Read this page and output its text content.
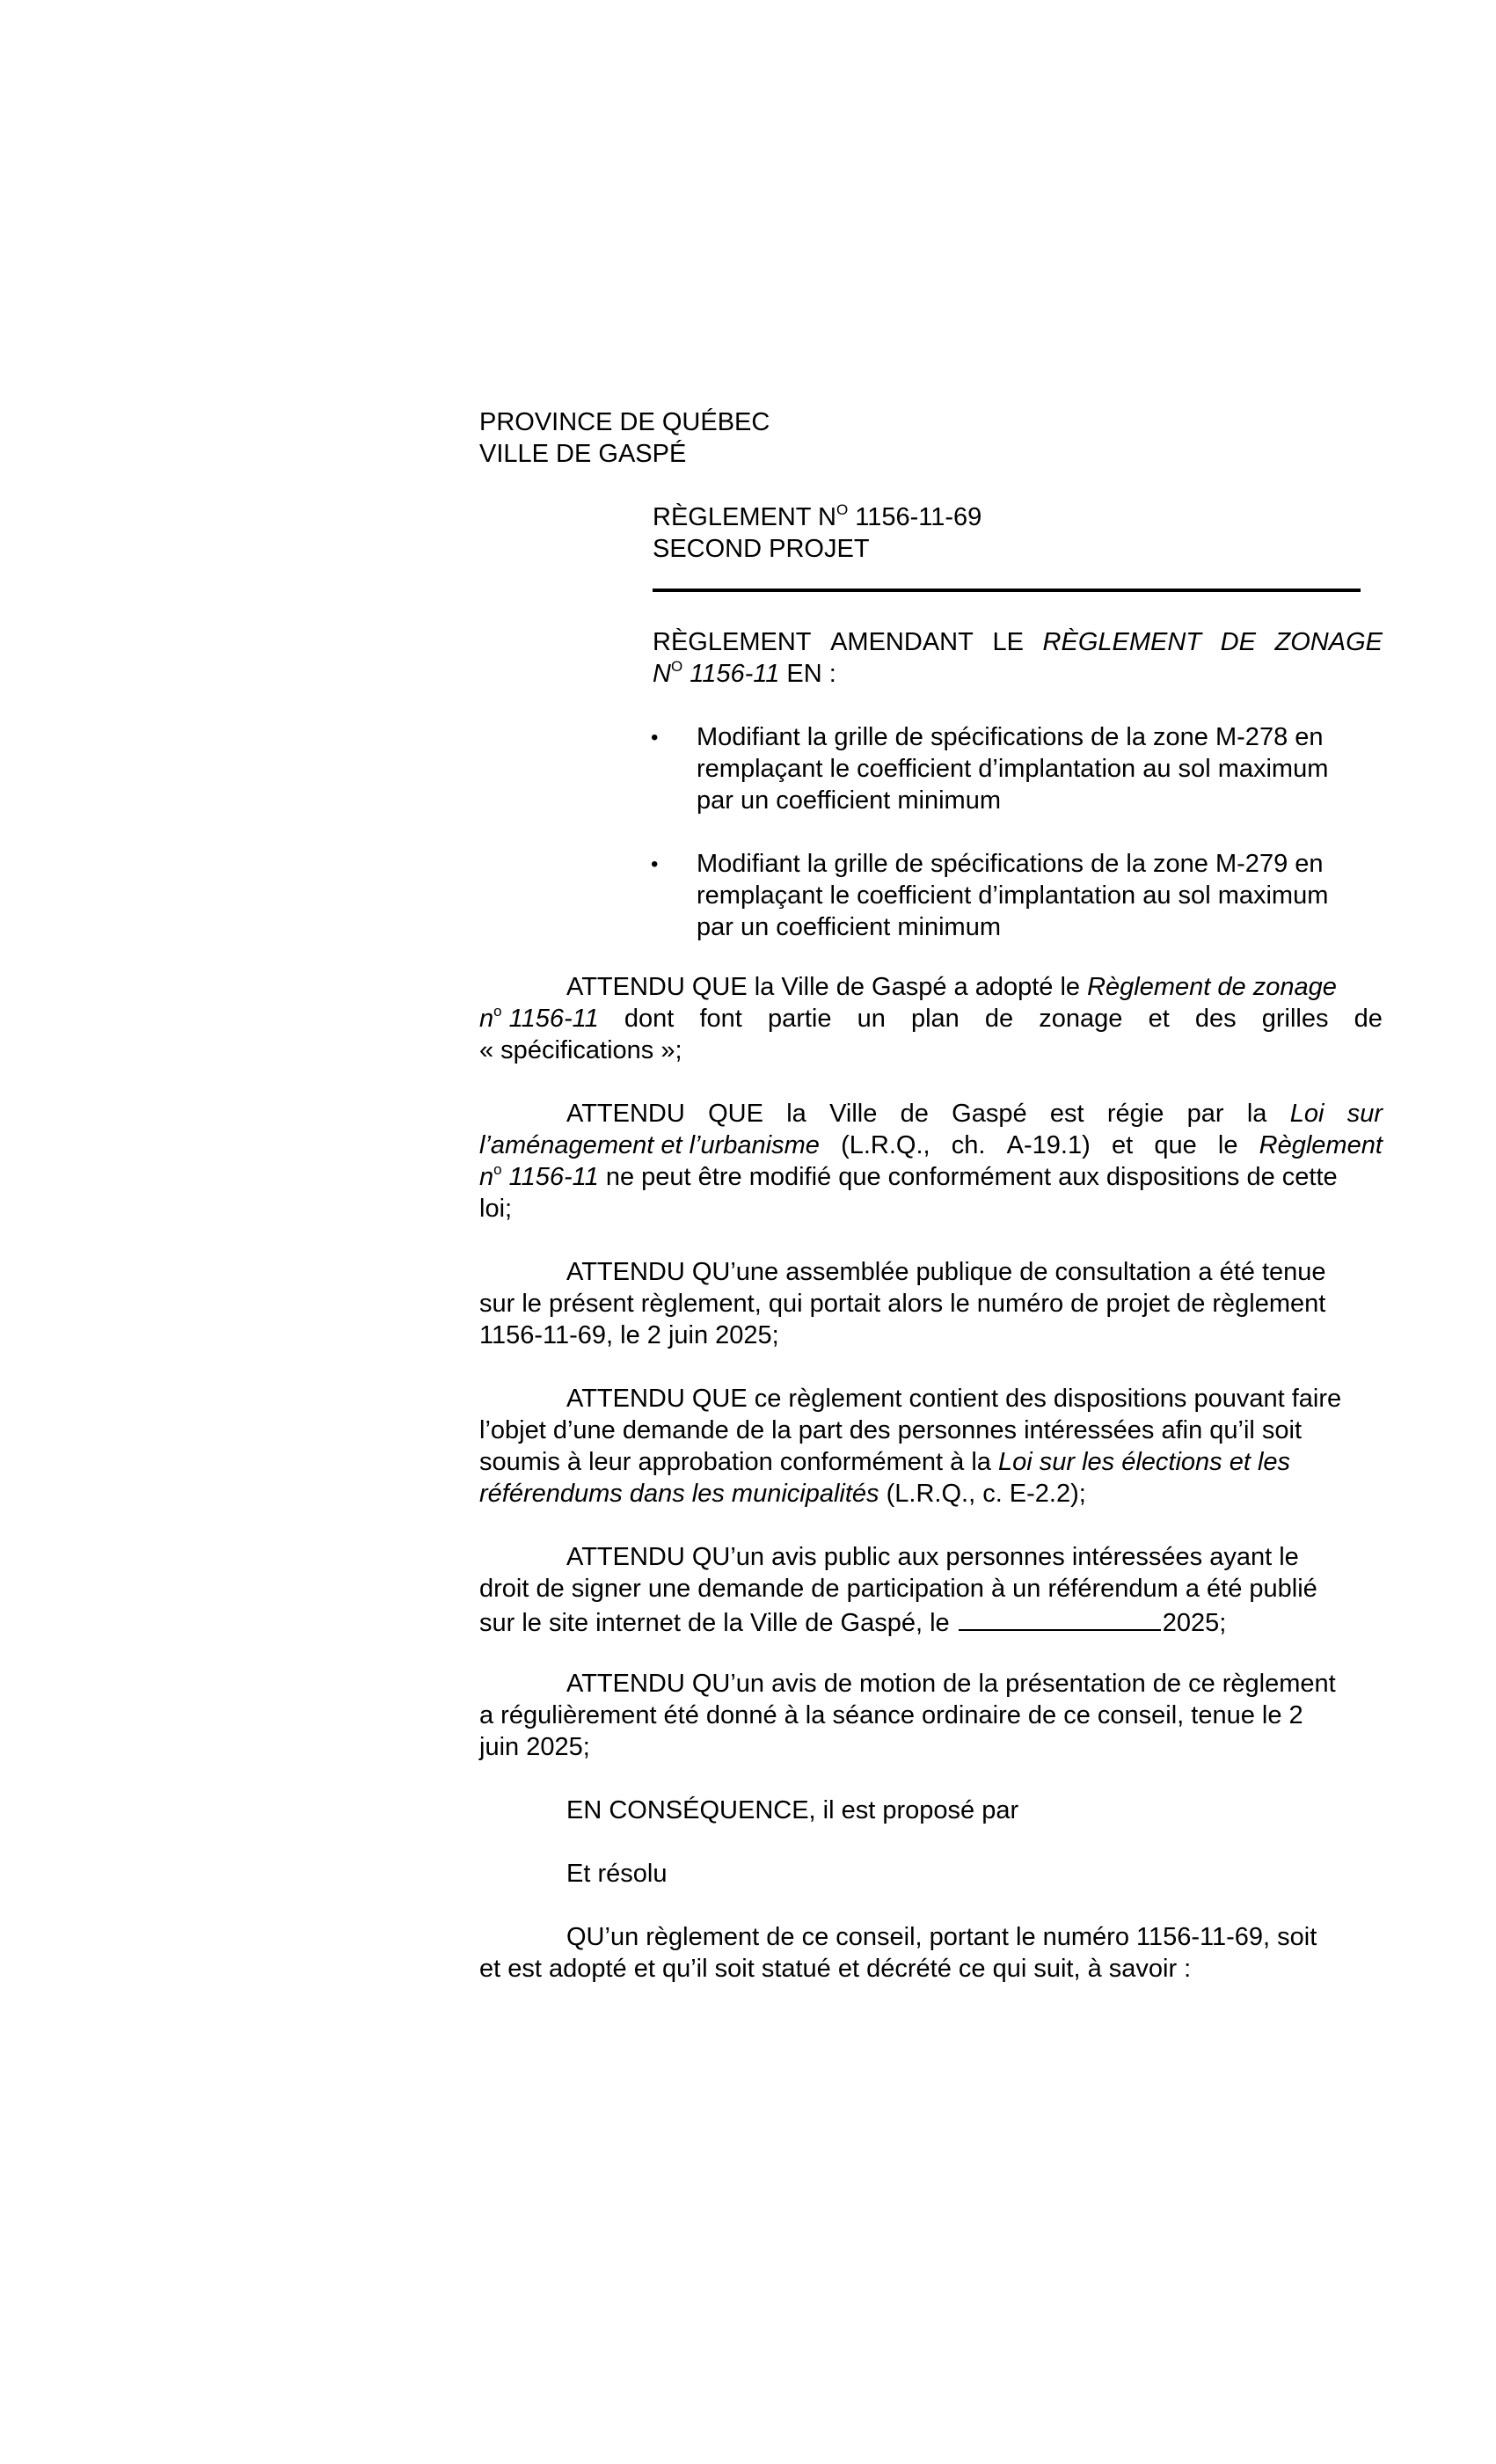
PROVINCE DE QUÉBEC
VILLE DE GASPÉ
RÈGLEMENT $N^O$ 1156-11-69
SECOND PROJET
RÈGLEMENT AMENDANT LE RÈGLEMENT DE ZONAGE
$N^O$ 1156-11 EN :
• Modifiant la grille de spécifications de la zone M-278 en
remplaçant le coefficient d’implantation au sol maximum
par un coefficient minimum
• Modifiant la grille de spécifications de la zone M-279 en
remplaçant le coefficient d’implantation au sol maximum
par un coefficient minimum
ATTENDU QUE la Ville de Gaspé a adopté le Règlement de zonage
$n^o$ 1156-11 dont font partie un plan de zonage et des grilles de
« spécifications »;
ATTENDU QUE la Ville de Gaspé est régie par la Loi sur
l’aménagement et l’urbanisme (L.R.Q., ch. A-19.1) et que le Règlement
$n^o$ 1156-11 ne peut être modifié que conformément aux dispositions de cette
loi;
ATTENDU QU’une assemblée publique de consultation a été tenue
sur le présent règlement, qui portait alors le numéro de projet de règlement
1156-11-69, le 2 juin 2025;
ATTENDU QUE ce règlement contient des dispositions pouvant faire
l’objet d’une demande de la part des personnes intéressées afin qu’il soit
soumis à leur approbation conformément à la Loi sur les élections et les
référendums dans les municipalités (L.R.Q., c. E-2.2);
ATTENDU QU’un avis public aux personnes intéressées ayant le
droit de signer une demande de participation à un référendum a été publié
sur le site internet de la Ville de Gaspé, le	2025;
ATTENDU QU’un avis de motion de la présentation de ce règlement
a régulièrement été donné à la séance ordinaire de ce conseil, tenue le 2
juin 2025;
EN CONSÉQUENCE, il est proposé par
Et résolu
QU’un règlement de ce conseil, portant le numéro 1156-11-69, soit
et est adopté et qu’il soit statué et décrété ce qui suit, à savoir :
